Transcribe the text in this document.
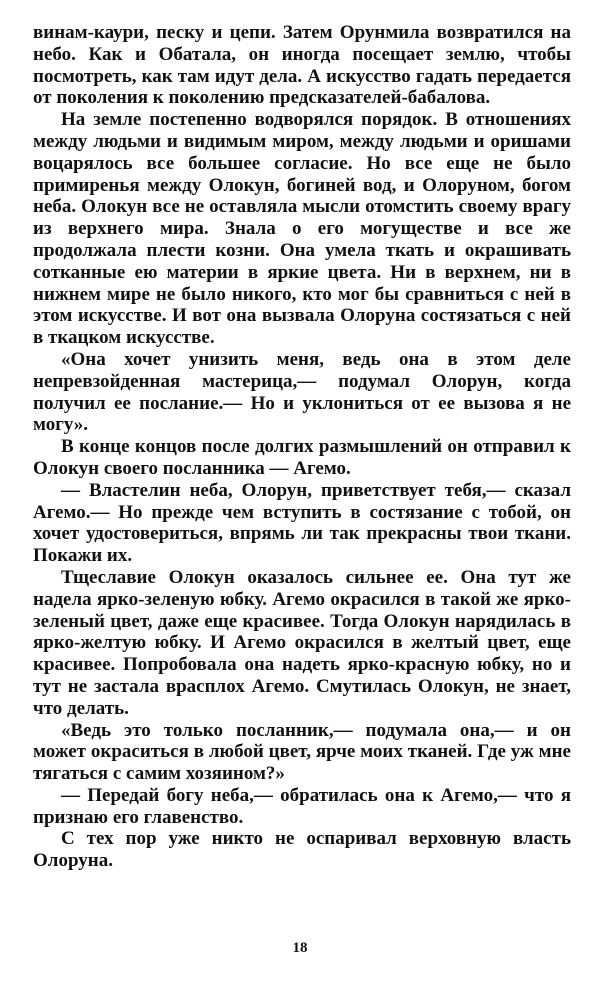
винам-каури, песку и цепи. Затем Орунмила возвратился на небо. Как и Обатала, он иногда посещает землю, чтобы посмотреть, как там идут дела. А искусство гадать передается от поколения к поколению предсказателей-бабалова.

На земле постепенно водворялся порядок. В отношениях между людьми и видимым миром, между людьми и оришами воцарялось все большее согласие. Но все еще не было примиренья между Олокун, богиней вод, и Олоруном, богом неба. Олокун все не оставляла мысли отомстить своему врагу из верхнего мира. Знала о его могуществе и все же продолжала плести козни. Она умела ткать и окрашивать сотканные ею материи в яркие цвета. Ни в верхнем, ни в нижнем мире не было никого, кто мог бы сравниться с ней в этом искусстве. И вот она вызвала Олоруна состязаться с ней в ткацком искусстве.

«Она хочет унизить меня, ведь она в этом деле непревзойденная мастерица,— подумал Олорун, когда получил ее послание.— Но и уклониться от ее вызова я не могу».

В конце концов после долгих размышлений он отправил к Олокун своего посланника — Агемо.

— Властелин неба, Олорун, приветствует тебя,— сказал Агемо.— Но прежде чем вступить в состязание с тобой, он хочет удостовериться, впрямь ли так прекрасны твои ткани. Покажи их.

Тщеславие Олокун оказалось сильнее ее. Она тут же надела ярко-зеленую юбку. Агемо окрасился в такой же ярко-зеленый цвет, даже еще красивее. Тогда Олокун нарядилась в ярко-желтую юбку. И Агемо окрасился в желтый цвет, еще красивее. Попробовала она надеть ярко-красную юбку, но и тут не застала врасплох Агемо. Смутилась Олокун, не знает, что делать.

«Ведь это только посланник,— подумала она,— и он может окраситься в любой цвет, ярче моих тканей. Где уж мне тягаться с самим хозяином?»

— Передай богу неба,— обратилась она к Агемо,— что я признаю его главенство.

С тех пор уже никто не оспаривал верховную власть Олоруна.

18
